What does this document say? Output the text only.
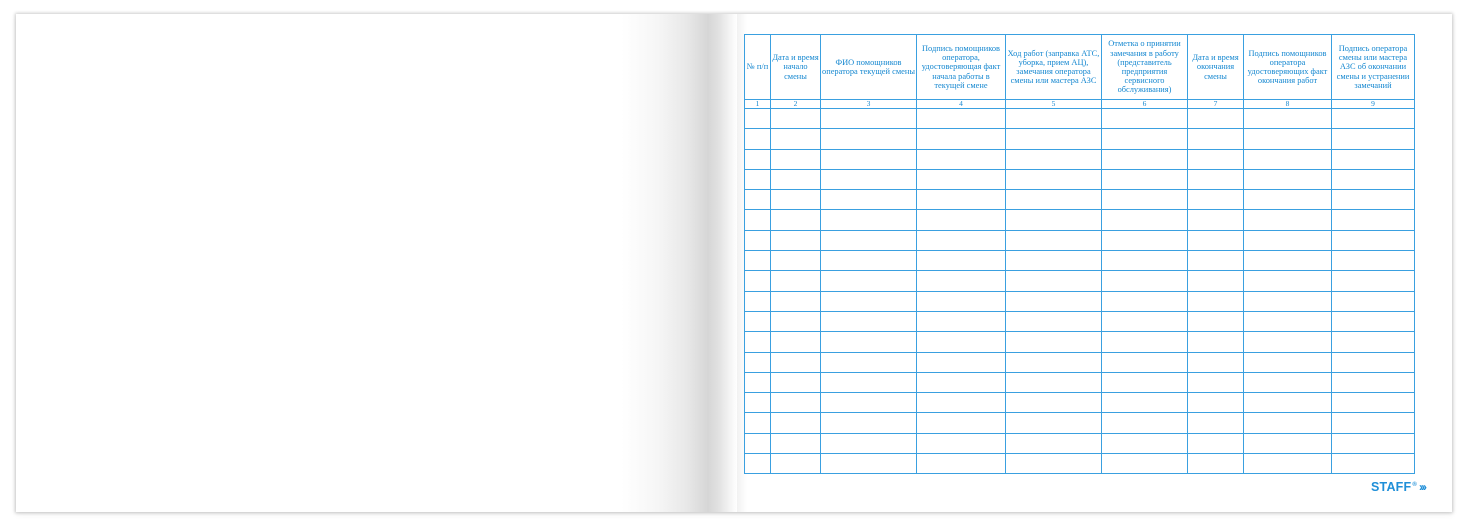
№ п/п	Дата и время начало смены	ФИО помощников оператора текущей смены	Подпись помощников оператора, удостоверяющая факт начала работы в текущей смене	Ход работ (заправка АТС, уборка, прием АЦ), замечания оператора смены или мастера АЗС	Отметка о принятии замечания в работу (представитель предприятия сервисного обслуживания)	Дата и время окончания смены	Подпись помощников оператора удостоверяющих факт окончания работ	Подпись оператора смены или мастера АЗС об окончании смены и устранении замечаний
1	2	3	4	5	6	7	8	9

STAFF® ›››
